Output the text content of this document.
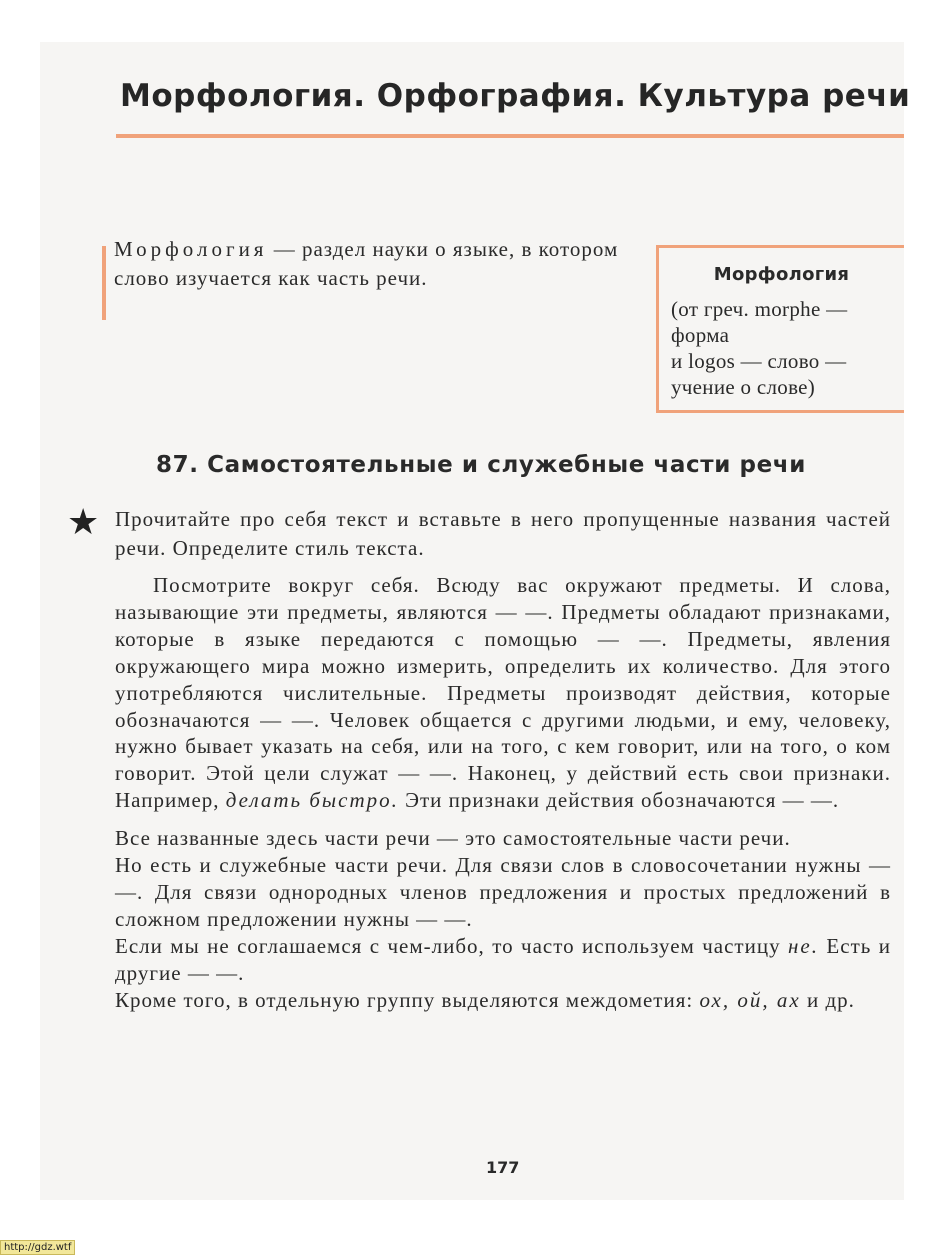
Морфология. Орфография. Культура речи
Морфология — раздел науки о языке, в котором слово изучается как часть речи.	Морфология
(от греч. morphe —
форма
и logos — слово —
учение о слове)
87. Самостоятельные и служебные части речи
★ Прочитайте про себя текст и вставьте в него пропущенные названия частей речи. Определите стиль текста.

Посмотрите вокруг себя. Всюду вас окружают предметы. И слова, называющие эти предметы, являются — —. Предметы обладают признаками, которые в языке передаются с помощью — —. Предметы, явления окружающего мира можно измерить, определить их количество. Для этого употребляются числительные. Предметы производят действия, которые обозначаются — —. Человек общается с другими людьми, и ему, человеку, нужно бывает указать на себя, или на того, с кем говорит, или на того, о ком говорит. Этой цели служат — —. Наконец, у действий есть свои признаки. Например, делать быстро. Эти признаки действия обозначаются — —.

Все названные здесь части речи — это самостоятельные части речи.

Но есть и служебные части речи. Для связи слов в словосочетании нужны — —. Для связи однородных членов предложения и простых предложений в сложном предложении нужны — —.

Если мы не соглашаемся с чем-либо, то часто используем частицу не. Есть и другие — —.

Кроме того, в отдельную группу выделяются междометия: ох, ой, ах и др.

177
http://gdz.wtf
